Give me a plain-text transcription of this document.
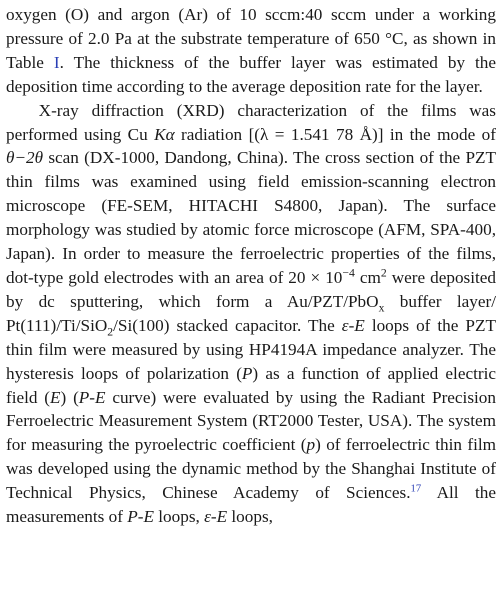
oxygen (O) and argon (Ar) of 10 sccm:40 sccm under a working pressure of 2.0 Pa at the substrate temperature of 650 °C, as shown in Table I. The thickness of the buffer layer was estimated by the deposition time according to the average deposition rate for the layer.

X-ray diffraction (XRD) characterization of the films was performed using Cu Kα radiation [(λ = 1.541 78 Å)] in the mode of θ−2θ scan (DX-1000, Dandong, China). The cross section of the PZT thin films was examined using field emission-scanning electron microscope (FE-SEM, HITACHI S4800, Japan). The surface morphology was studied by atomic force microscope (AFM, SPA-400, Japan). In order to measure the ferroelectric properties of the films, dot-type gold electrodes with an area of $20 \times 10^{-4}$ $cm^2$ were deposited by dc sputtering, which form a Au/PZT/PbO$_x$ buffer layer/ Pt(111)/Ti/SiO$_2$/Si(100) stacked capacitor. The ε-E loops of the PZT thin film were measured by using HP4194A impedance analyzer. The hysteresis loops of polarization (P) as a function of applied electric field (E) (P-E curve) were evaluated by using the Radiant Precision Ferroelectric Measurement System (RT2000 Tester, USA). The system for measuring the pyroelectric coefficient (p) of ferroelectric thin film was developed using the dynamic method by the Shanghai Institute of Technical Physics, Chinese Academy of Sciences.$^{17}$ All the measurements of P-E loops, ε-E loops,
